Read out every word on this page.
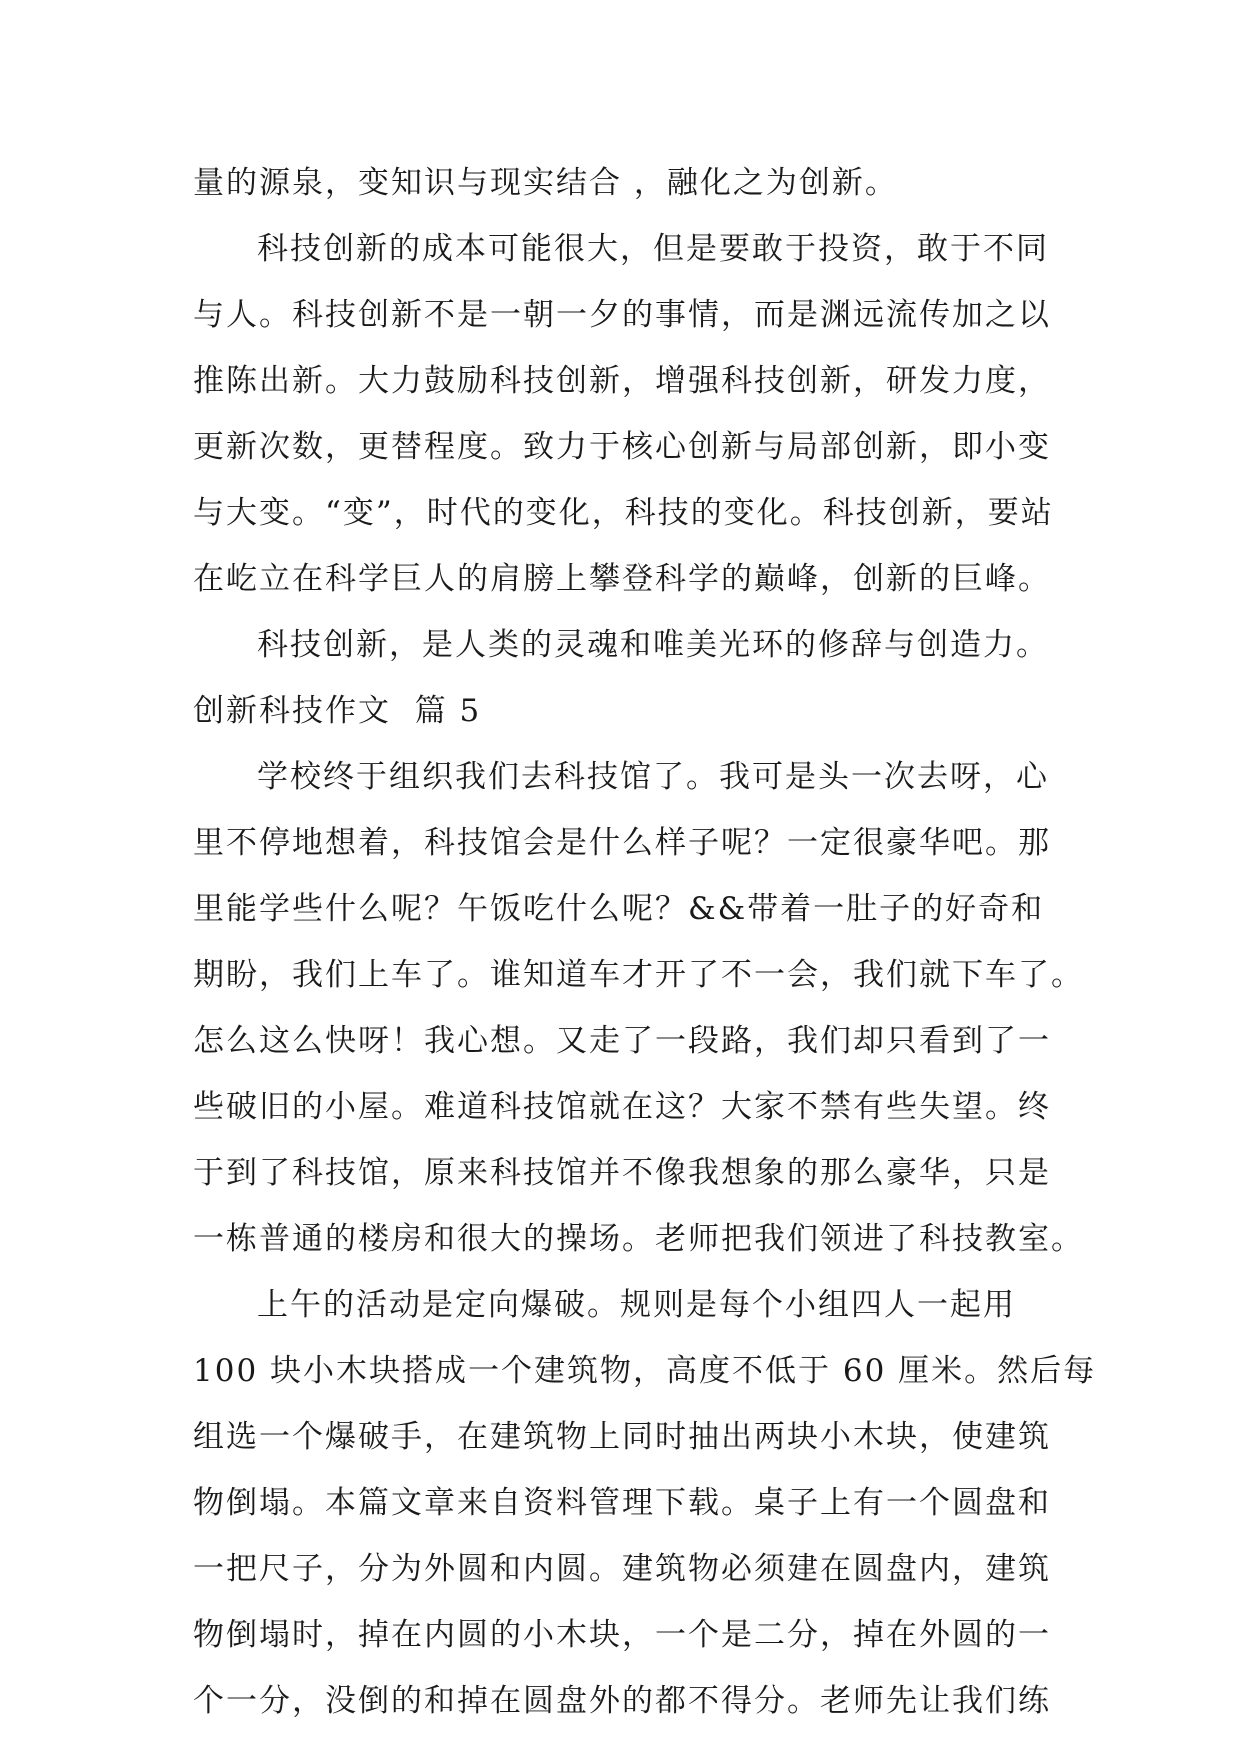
量的源泉，变知识与现实结合 ，融化之为创新。
科技创新的成本可能很大，但是要敢于投资，敢于不同
与人。科技创新不是一朝一夕的事情，而是渊远流传加之以
推陈出新。大力鼓励科技创新，增强科技创新，研发力度，
更新次数，更替程度。致力于核心创新与局部创新，即小变
与大变。“变”，时代的变化，科技的变化。科技创新，要站
在屹立在科学巨人的肩膀上攀登科学的巅峰，创新的巨峰。
科技创新，是人类的灵魂和唯美光环的修辞与创造力。
创新科技作文  篇 5
学校终于组织我们去科技馆了。我可是头一次去呀，心
里不停地想着，科技馆会是什么样子呢？一定很豪华吧。那
里能学些什么呢？午饭吃什么呢？&&带着一肚子的好奇和
期盼，我们上车了。谁知道车才开了不一会，我们就下车了。
怎么这么快呀！我心想。又走了一段路，我们却只看到了一
些破旧的小屋。难道科技馆就在这？大家不禁有些失望。终
于到了科技馆，原来科技馆并不像我想象的那么豪华，只是
一栋普通的楼房和很大的操场。老师把我们领进了科技教室。
上午的活动是定向爆破。规则是每个小组四人一起用
100 块小木块搭成一个建筑物，高度不低于 60 厘米。然后每
组选一个爆破手，在建筑物上同时抽出两块小木块，使建筑
物倒塌。本篇文章来自资料管理下载。桌子上有一个圆盘和
一把尺子，分为外圆和内圆。建筑物必须建在圆盘内，建筑
物倒塌时，掉在内圆的小木块，一个是二分，掉在外圆的一
个一分，没倒的和掉在圆盘外的都不得分。老师先让我们练
